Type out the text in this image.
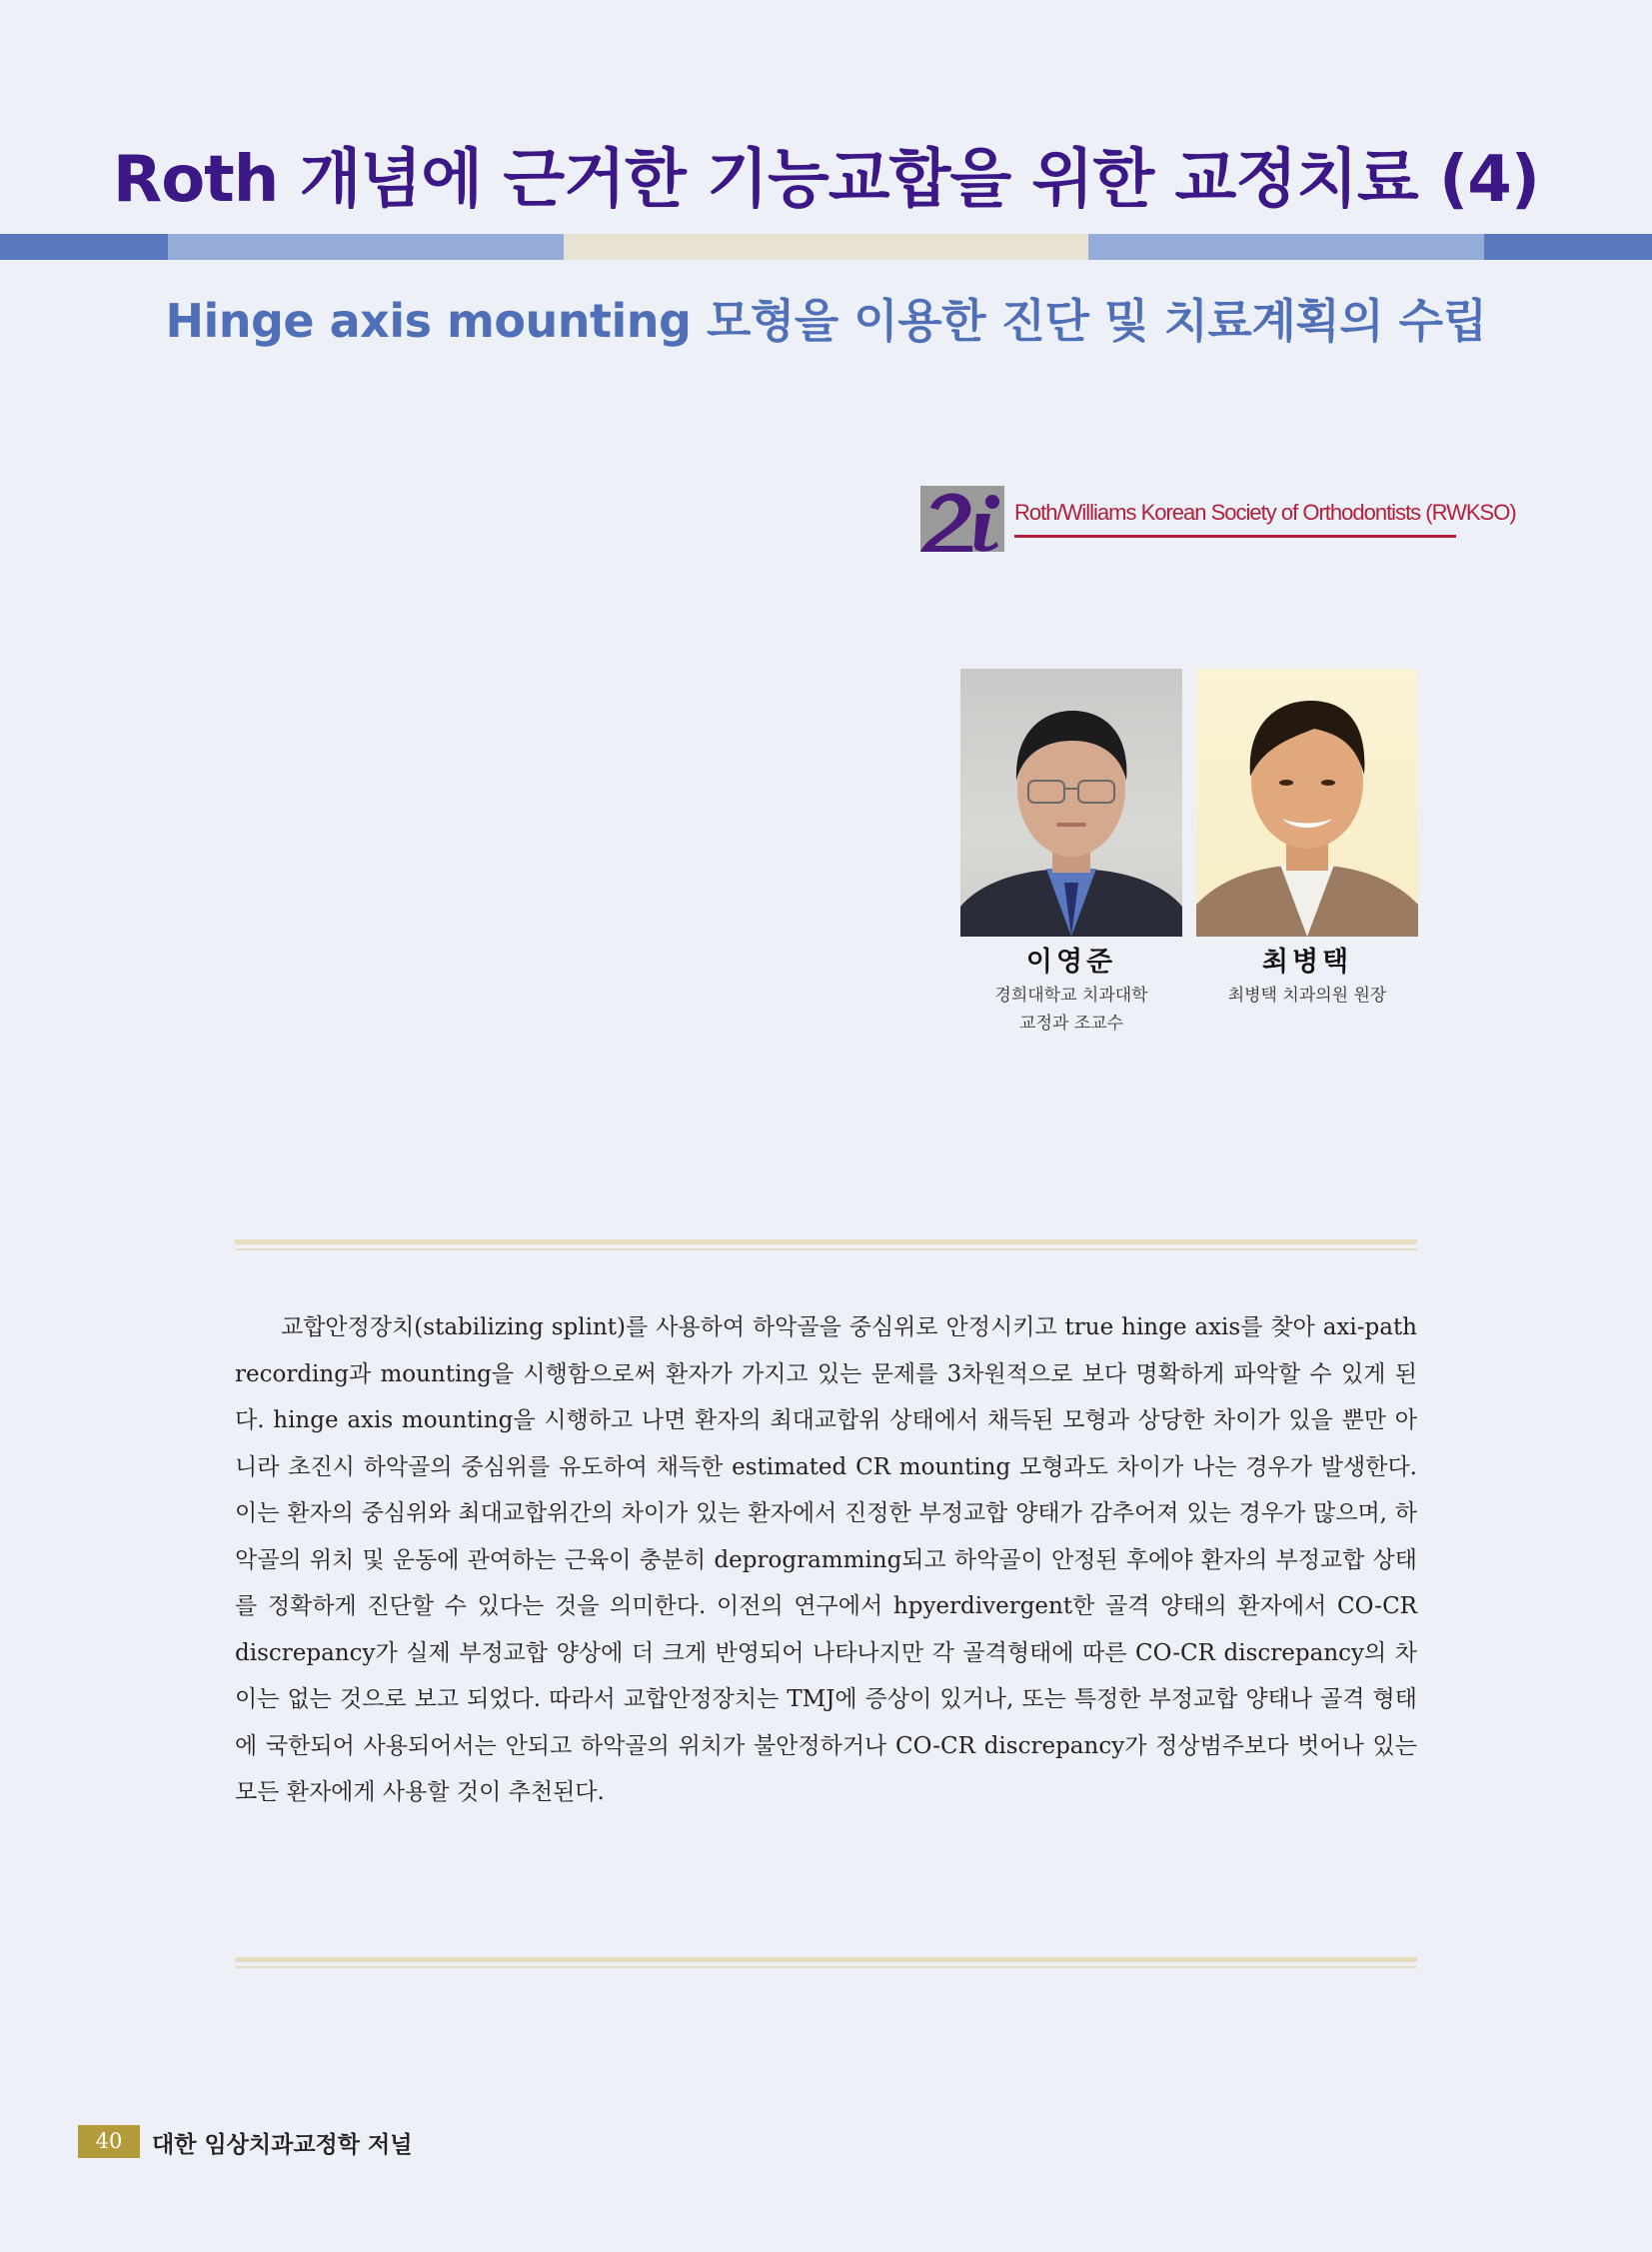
Roth 개념에 근거한 기능교합을 위한 교정치료 (4)
Hinge axis mounting 모형을 이용한 진단 및 치료계획의 수립
Roth/Williams Korean Society of Orthodontists (RWKSO)
이영준	최병택
경희대학교 치과대학
교정과 조교수
최병택 치과의원 원장

교합안정장치(stabilizing splint)를 사용하여 하악골을 중심위로 안정시키고 true hinge axis를 찾아 axi-path recording과 mounting을 시행함으로써 환자가 가지고 있는 문제를 3차원적으로 보다 명확하게 파악할 수 있게 된다. hinge axis mounting을 시행하고 나면 환자의 최대교합위 상태에서 채득된 모형과 상당한 차이가 있을 뿐만 아니라 초진시 하악골의 중심위를 유도하여 채득한 estimated CR mounting 모형과도 차이가 나는 경우가 발생한다. 이는 환자의 중심위와 최대교합위간의 차이가 있는 환자에서 진정한 부정교합 양태가 감추어져 있는 경우가 많으며, 하악골의 위치 및 운동에 관여하는 근육이 충분히 deprogramming되고 하악골이 안정된 후에야 환자의 부정교합 상태를 정확하게 진단할 수 있다는 것을 의미한다. 이전의 연구에서 hpyerdivergent한 골격 양태의 환자에서 CO-CR discrepancy가 실제 부정교합 양상에 더 크게 반영되어 나타나지만 각 골격형태에 따른 CO-CR discrepancy의 차이는 없는 것으로 보고 되었다. 따라서 교합안정장치는 TMJ에 증상이 있거나, 또는 특정한 부정교합 양태나 골격 형태에 국한되어 사용되어서는 안되고 하악골의 위치가 불안정하거나 CO-CR discrepancy가 정상범주보다 벗어나 있는 모든 환자에게 사용할 것이 추천된다.

40	대한 임상치과교정학 저널
